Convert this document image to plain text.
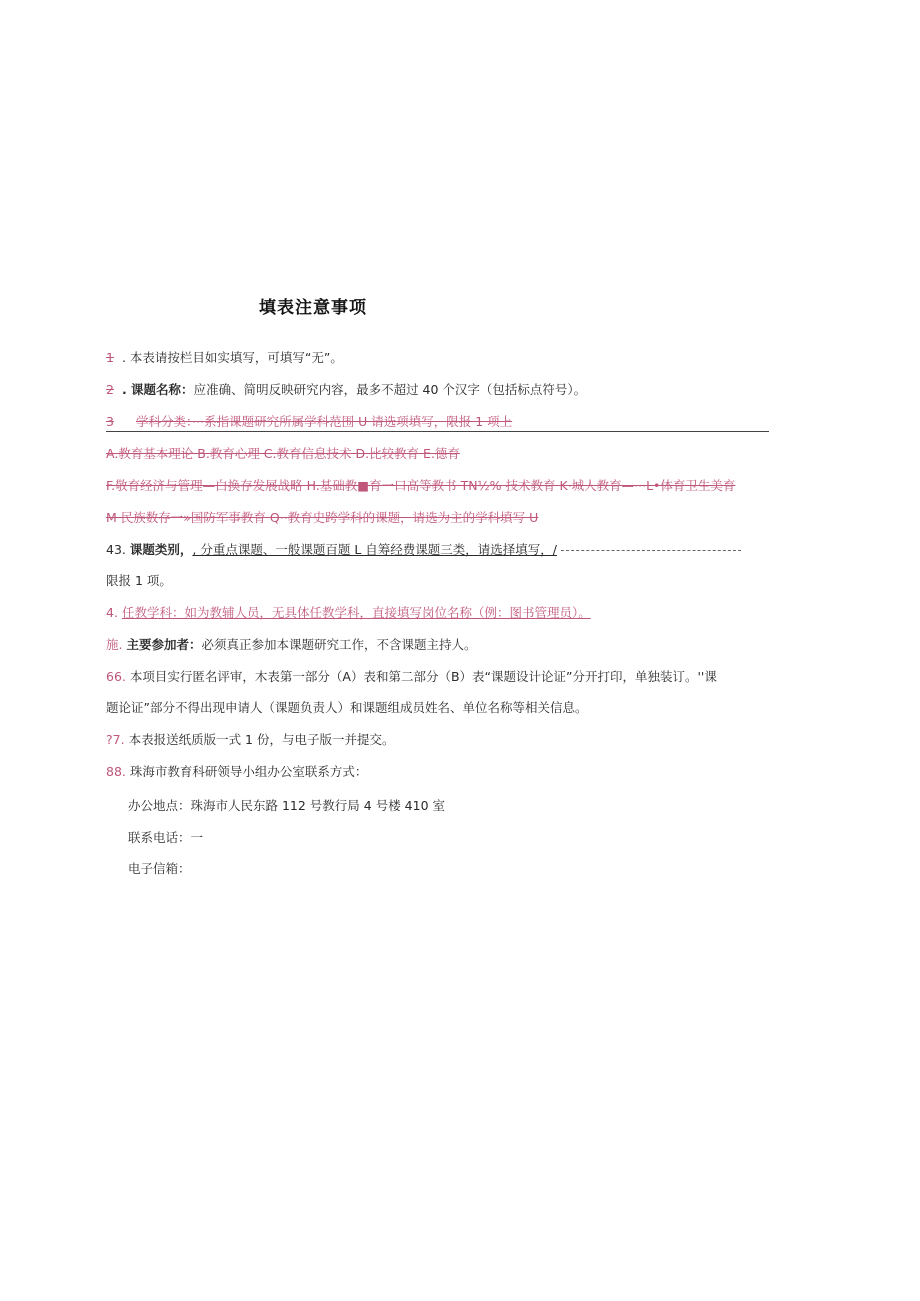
填表注意事项
1 . 本表请按栏目如实填写，可填写“无”。
2 . 课题名称：应准确、简明反映研究内容，最多不超过 40 个汉字（包括标点符号）。
3 学科分类：···系指课题研究所属学科范围 U 请选项填写，限报 1 项上
A.教育基本理论 B.教育心理 C.教育信息技术 D.比较教育 E.德育
F.敬育经济与管理—白换存发展战略 H.基础教■育一口高等教书 TN½% 技术教育 K·城人教育—···L•体育卫生美育
M 民族数存一»国防军事教育 Q··教育史跨学科的课题，请选为主的学科填写 U
43. 课题类别，, 分重点课题、一般课题百题 L 自筹经费课题三类，请选择填写，/
限报 1 项。
4. 任教学科：如为教辅人员，无具体任教学科，直接填写岗位名称（例：图书管理员）。
施. 主要参加者：必须真正参加本课题研究工作，不含课题主持人。
66. 本项目实行匿名评审，木表第一部分（A）表和第二部分（B）表“课题设计论证”分开打印，单独装订。''课
题论证”部分不得出现申请人（课题负责人）和课题组成员姓名、单位名称等相关信息。
?7. 本表报送纸质版一式 1 份，与电子版一并提交。
88. 珠海市教育科研领导小组办公室联系方式：
办公地点：珠海市人民东路 112 号教行局 4 号楼 410 室
联系电话：一
电子信箱：
